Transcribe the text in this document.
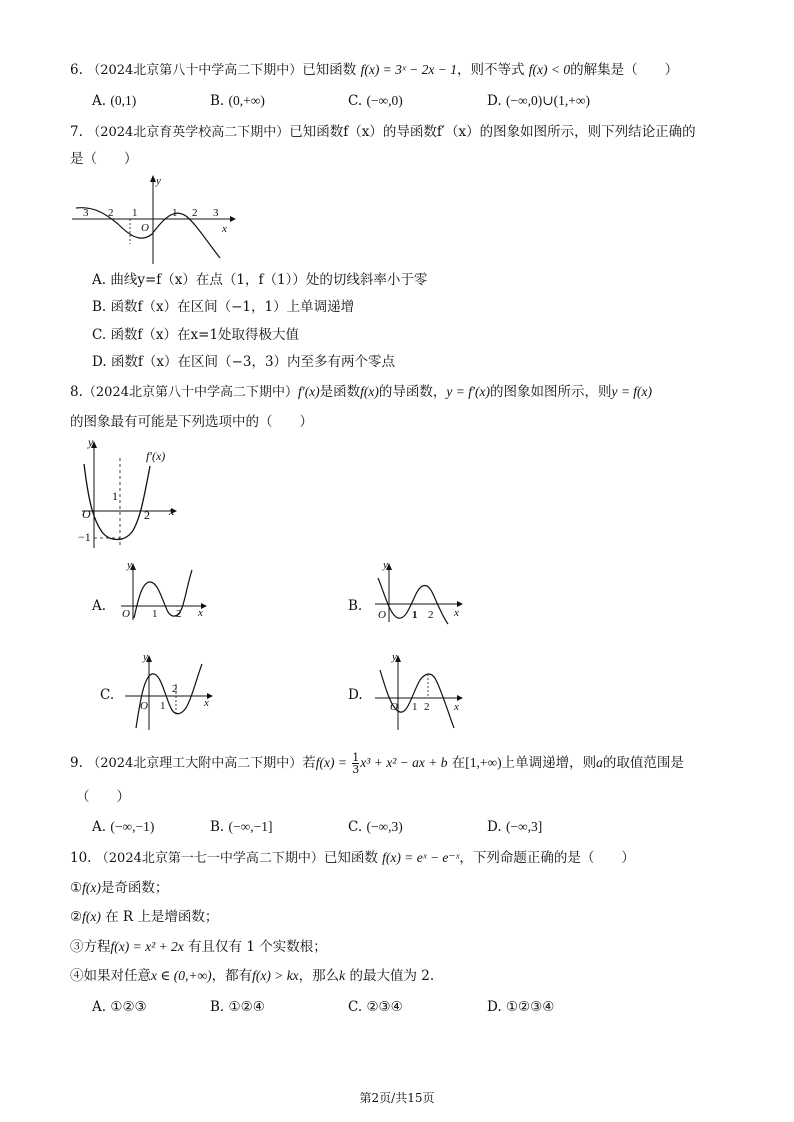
6. （2024北京第八十中学高二下期中）已知函数 f(x) = 3ˣ − 2x − 1，则不等式 f(x) < 0的解集是（　　）
A. (0,1)	B. (0,+∞)	C. (−∞,0)	D. (−∞,0)∪(1,+∞)
7. （2024北京育英学校高二下期中）已知函数f（x）的导函数f′（x）的图象如图所示，则下列结论正确的
是（　　）
y
x
O
3 2 1	1 2 3
A. 曲线y=f（x）在点（1，f（1））处的切线斜率小于零
B. 函数f（x）在区间（−1，1）上单调递增
C. 函数f（x）在x=1处取得极大值
D. 函数f（x）在区间（−3，3）内至多有两个零点
8.（2024北京第八十中学高二下期中）f′(x)是函数f(x)的导函数，y = f′(x)的图象如图所示，则y = f(x)
的图象最有可能是下列选项中的（　　）
y
x
f′(x)
O
1
2
−1
A.
y
x
O 1 2	B.
y
x
O 1 2
C.
y
x
O 1
2	D.
y
x
O 1 2
9. （2024北京理工大附中高二下期中）若$f(x) = \frac{1}{3} x^3 + x^2$ − ax + b 在[1,+∞)上单调递增，则a的取值范围是
（　　）
A. (−∞,−1)	B. (−∞,−1]	C. (−∞,3)	D. (−∞,3]
10. （2024北京第一七一中学高二下期中）已知函数 f(x) = eˣ − e⁻ˣ，下列命题正确的是（　　）
①f(x)是奇函数；
②f(x) 在 R 上是增函数；
③方程f(x) = x² + 2x 有且仅有 1 个实数根；
④如果对任意x ∈ (0,+∞)，都有f(x) > kx，那么k 的最大值为 2.
A. ①②③	B. ①②④	C. ②③④	D. ①②③④
第2页/共15页
